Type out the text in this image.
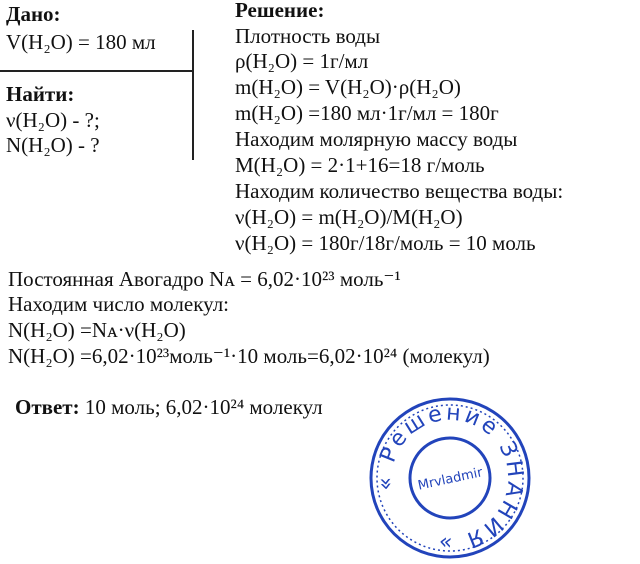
Дано:
V(H₂O) = 180 мл
Найти:
ν(H₂O) - ?;
N(H₂O) - ?
Решение:
Плотность воды
ρ(H₂O) = 1г/мл
m(H₂O) = V(H₂O)·ρ(H₂O)
m(H₂O) =180 мл·1г/мл = 180г
Находим молярную массу воды
M(H₂O) = 2·1+16=18 г/моль
Находим количество вещества воды:
ν(H₂O) = m(H₂O)/M(H₂O)
ν(H₂O) = 180г/18г/моль = 10 моль
Постоянная Авогадро Nᴀ = 6,02·10²³ моль⁻¹
Находим число молекул:
N(H₂O) =Nᴀ·ν(H₂O)
N(H₂O) =6,02·10²³моль⁻¹·10 моль=6,02·10²⁴ (молекул)
Ответ: 10 моль; 6,02·10²⁴ молекул
« Решение ЗНАНИЯ »
Mrvladmir
